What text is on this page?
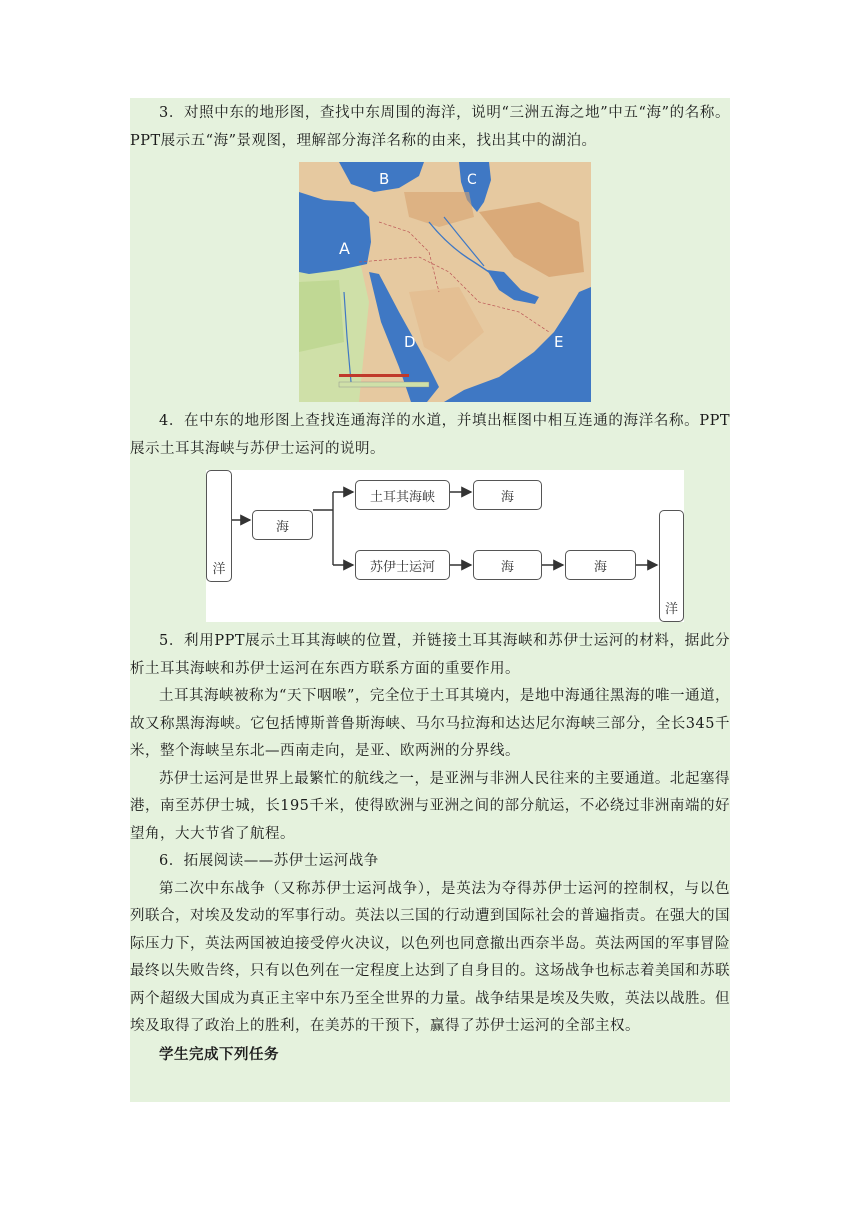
3．对照中东的地形图，查找中东周围的海洋，说明“三洲五海之地”中五“海”的名称。PPT展示五“海”景观图，理解部分海洋名称的由来，找出其中的湖泊。

A
B	C
D	E

4．在中东的地形图上查找连通海洋的水道，并填出框图中相互连通的海洋名称。PPT展示土耳其海峡与苏伊士运河的说明。

洋
海
土耳其海峡	海
苏伊士运河	海	海
洋

5．利用PPT展示土耳其海峡的位置，并链接土耳其海峡和苏伊士运河的材料，据此分析土耳其海峡和苏伊士运河在东西方联系方面的重要作用。

土耳其海峡被称为“天下咽喉”，完全位于土耳其境内，是地中海通往黑海的唯一通道，故又称黑海海峡。它包括博斯普鲁斯海峡、马尔马拉海和达达尼尔海峡三部分，全长345千米，整个海峡呈东北—西南走向，是亚、欧两洲的分界线。

苏伊士运河是世界上最繁忙的航线之一，是亚洲与非洲人民往来的主要通道。北起塞得港，南至苏伊士城，长195千米，使得欧洲与亚洲之间的部分航运，不必绕过非洲南端的好望角，大大节省了航程。

6．拓展阅读——苏伊士运河战争

第二次中东战争（又称苏伊士运河战争），是英法为夺得苏伊士运河的控制权，与以色列联合，对埃及发动的军事行动。英法以三国的行动遭到国际社会的普遍指责。在强大的国际压力下，英法两国被迫接受停火决议，以色列也同意撤出西奈半岛。英法两国的军事冒险最终以失败告终，只有以色列在一定程度上达到了自身目的。这场战争也标志着美国和苏联两个超级大国成为真正主宰中东乃至全世界的力量。战争结果是埃及失败，英法以战胜。但埃及取得了政治上的胜利，在美苏的干预下，赢得了苏伊士运河的全部主权。

学生完成下列任务
